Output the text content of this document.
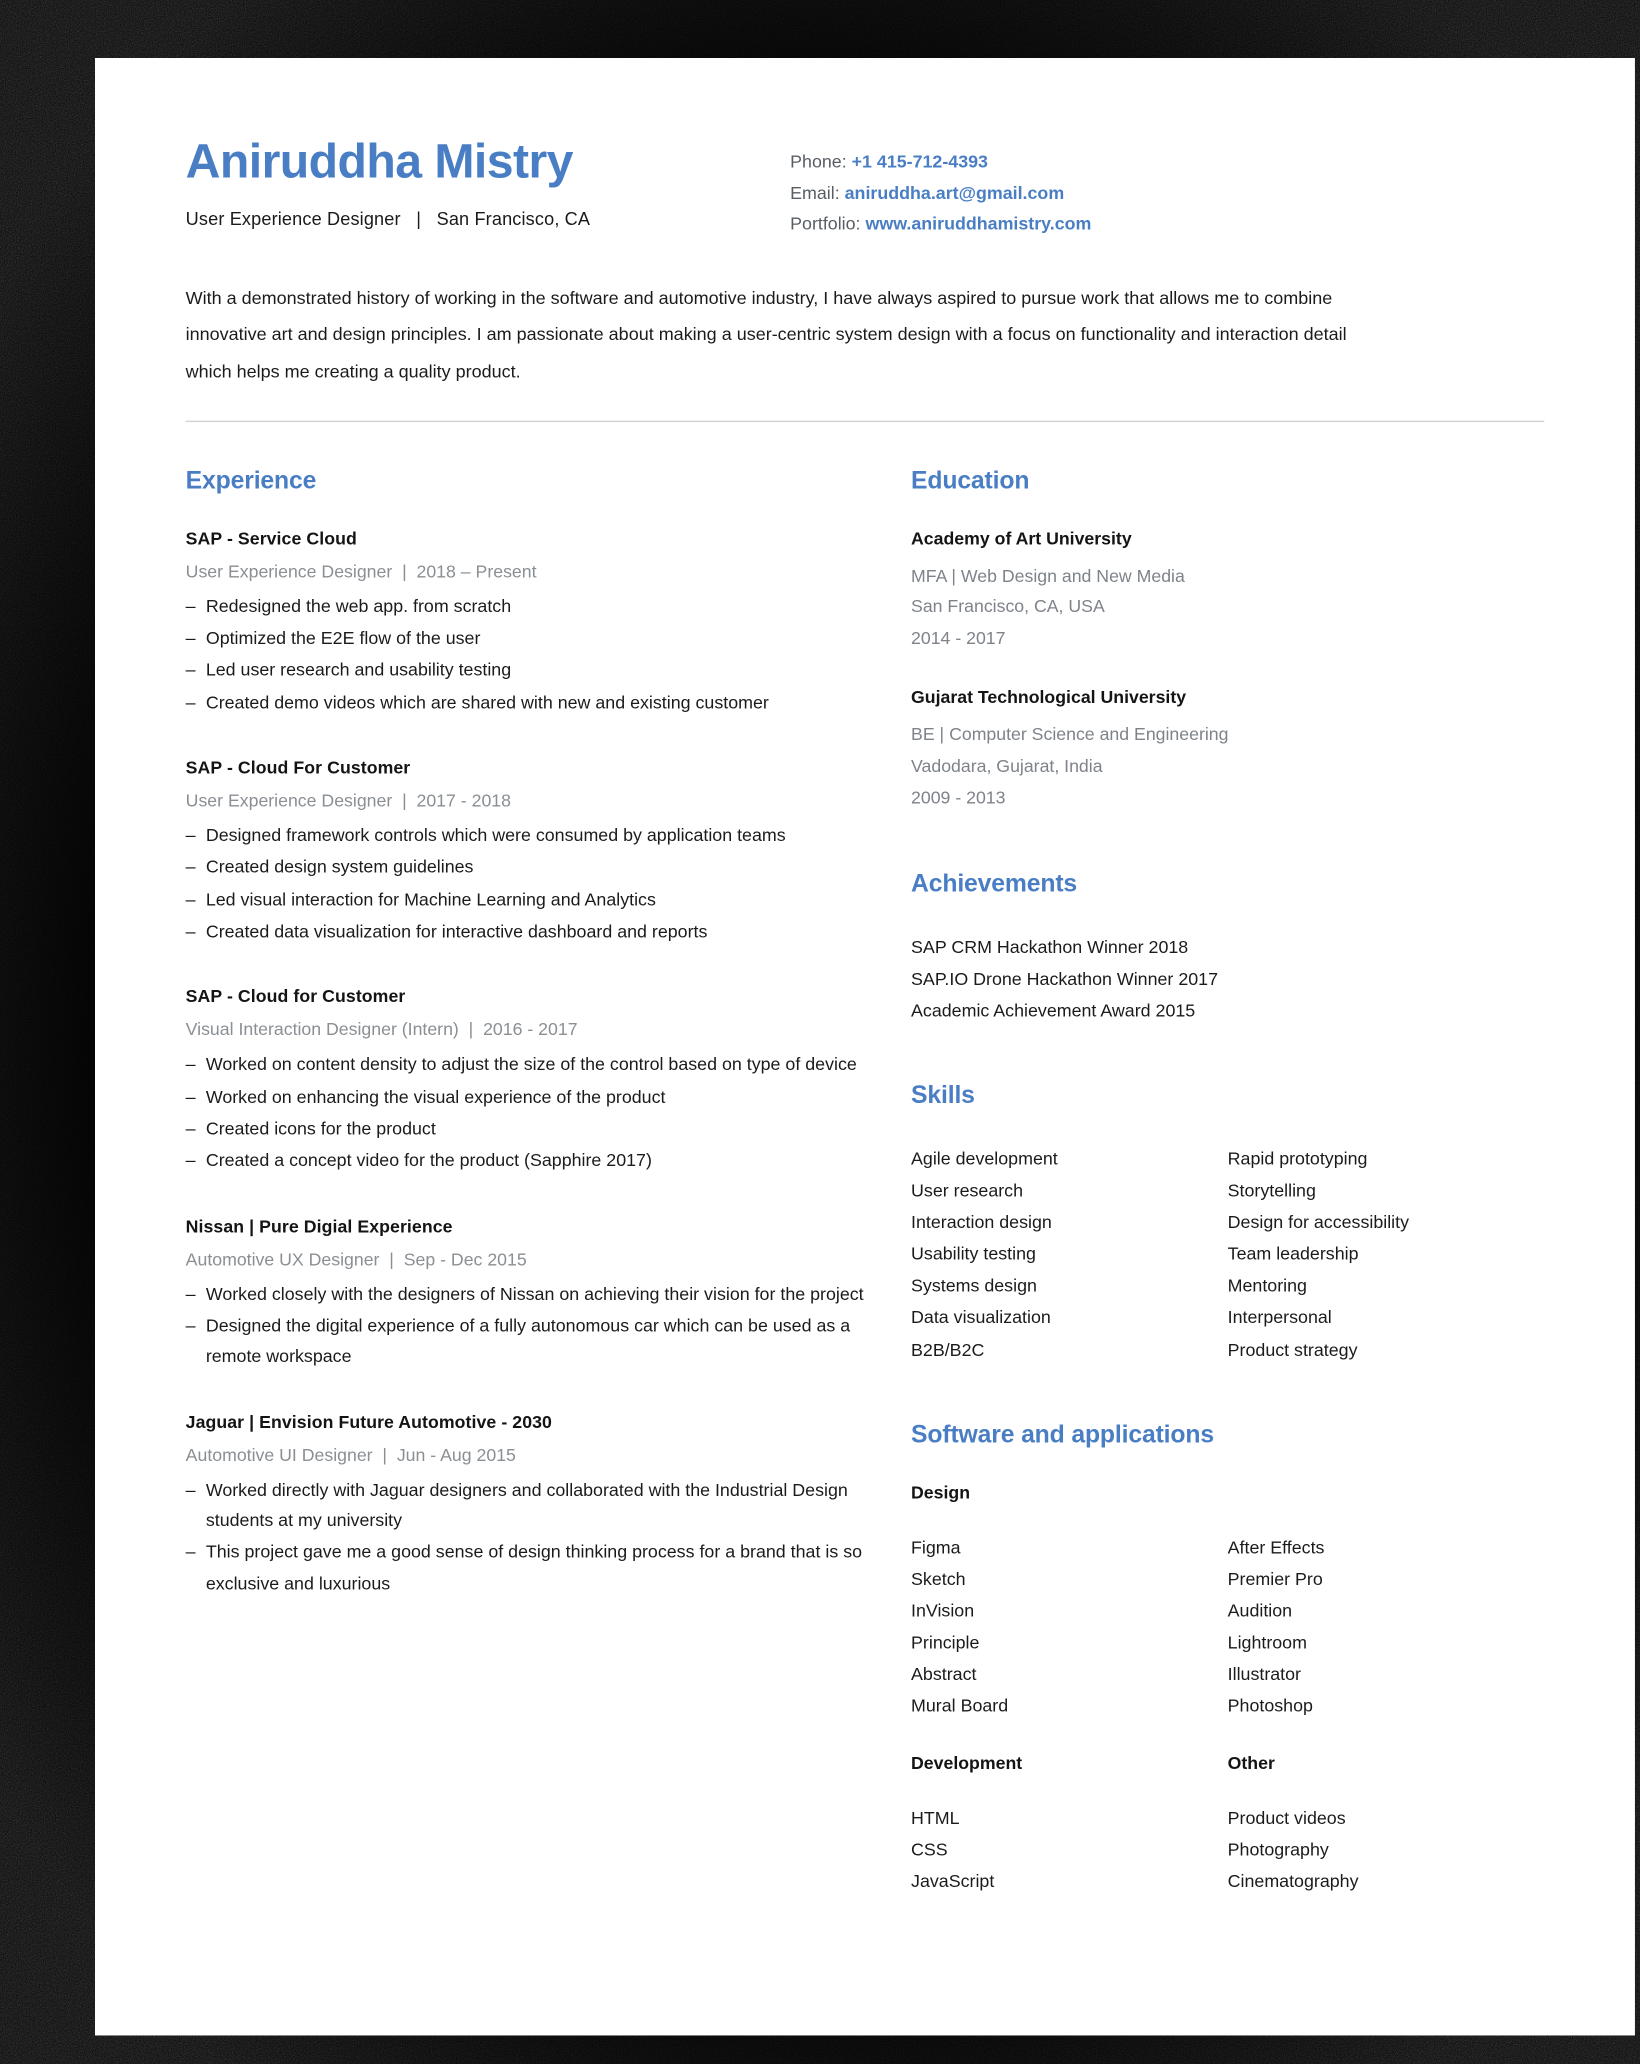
Aniruddha Mistry
User Experience Designer   |   San Francisco, CA
Phone: +1 415-712-4393
Email: aniruddha.art@gmail.com
Portfolio: www.aniruddhamistry.com
With a demonstrated history of working in the software and automotive industry, I have always aspired to pursue work that allows me to combine innovative art and design principles. I am passionate about making a user-centric system design with a focus on functionality and interaction detail which helps me creating a quality product.
Experience
SAP - Service Cloud
User Experience Designer  |  2018 – Present
– Redesigned the web app. from scratch
– Optimized the E2E flow of the user
– Led user research and usability testing
– Created demo videos which are shared with new and existing customer
SAP - Cloud For Customer
User Experience Designer  |  2017 - 2018
– Designed framework controls which were consumed by application teams
– Created design system guidelines
– Led visual interaction for Machine Learning and Analytics
– Created data visualization for interactive dashboard and reports
SAP - Cloud for Customer
Visual Interaction Designer (Intern)  |  2016 - 2017
– Worked on content density to adjust the size of the control based on type of device
– Worked on enhancing the visual experience of the product
– Created icons for the product
– Created a concept video for the product (Sapphire 2017)
Nissan | Pure Digial Experience
Automotive UX Designer  |  Sep - Dec 2015
– Worked closely with the designers of Nissan on achieving their vision for the project
– Designed the digital experience of a fully autonomous car which can be used as a remote workspace
Jaguar | Envision Future Automotive - 2030
Automotive UI Designer  |  Jun - Aug 2015
– Worked directly with Jaguar designers and collaborated with the Industrial Design students at my university
– This project gave me a good sense of design thinking process for a brand that is so exclusive and luxurious
Education
Academy of Art University
MFA | Web Design and New Media
San Francisco, CA, USA
2014 - 2017
Gujarat Technological University
BE | Computer Science and Engineering
Vadodara, Gujarat, India
2009 - 2013
Achievements
SAP CRM Hackathon Winner 2018
SAP.IO Drone Hackathon Winner 2017
Academic Achievement Award 2015
Skills
Agile development
User research
Interaction design
Usability testing
Systems design
Data visualization
B2B/B2C
Rapid prototyping
Storytelling
Design for accessibility
Team leadership
Mentoring
Interpersonal
Product strategy
Software and applications
Design
Figma
Sketch
InVision
Principle
Abstract
Mural Board
After Effects
Premier Pro
Audition
Lightroom
Illustrator
Photoshop
Development	Other
HTML
CSS
JavaScript
Product videos
Photography
Cinematography
